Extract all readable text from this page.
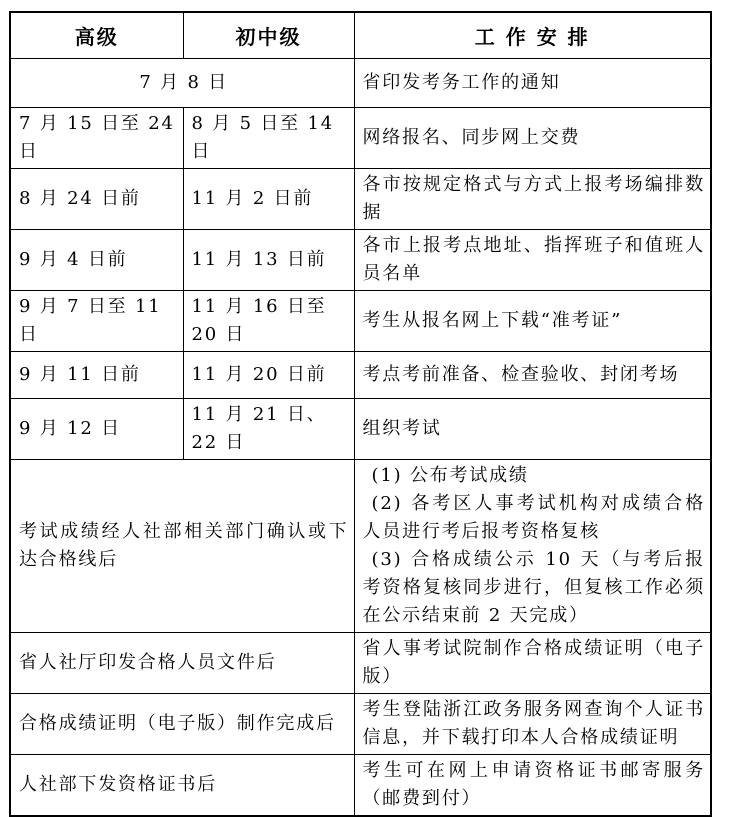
高级	初中级	工 作 安 排
7 月 8 日		省印发考务工作的通知
7 月 15 日至 24 日	8 月 5 日至 14 日	网络报名、同步网上交费
8 月 24 日前	11 月 2 日前	各市按规定格式与方式上报考场编排数据
9 月 4 日前	11 月 13 日前	各市上报考点地址、指挥班子和值班人员名单
9 月 7 日至 11 日	11 月 16 日至 20 日	考生从报名网上下载“准考证”
9 月 11 日前	11 月 20 日前	考点考前准备、检查验收、封闭考场
9 月 12 日	11 月 21 日、22 日	组织考试
考试成绩经人社部相关部门确认或下达合格线后		(1) 公布考试成绩
(2) 各考区人事考试机构对成绩合格人员进行考后报考资格复核
(3) 合格成绩公示 10 天（与考后报考资格复核同步进行，但复核工作必须在公示结束前 2 天完成）

省人社厅印发合格人员文件后		省人事考试院制作合格成绩证明（电子版）
合格成绩证明（电子版）制作完成后		考生登陆浙江政务服务网查询个人证书信息，并下载打印本人合格成绩证明
人社部下发资格证书后		考生可在网上申请资格证书邮寄服务（邮费到付）
